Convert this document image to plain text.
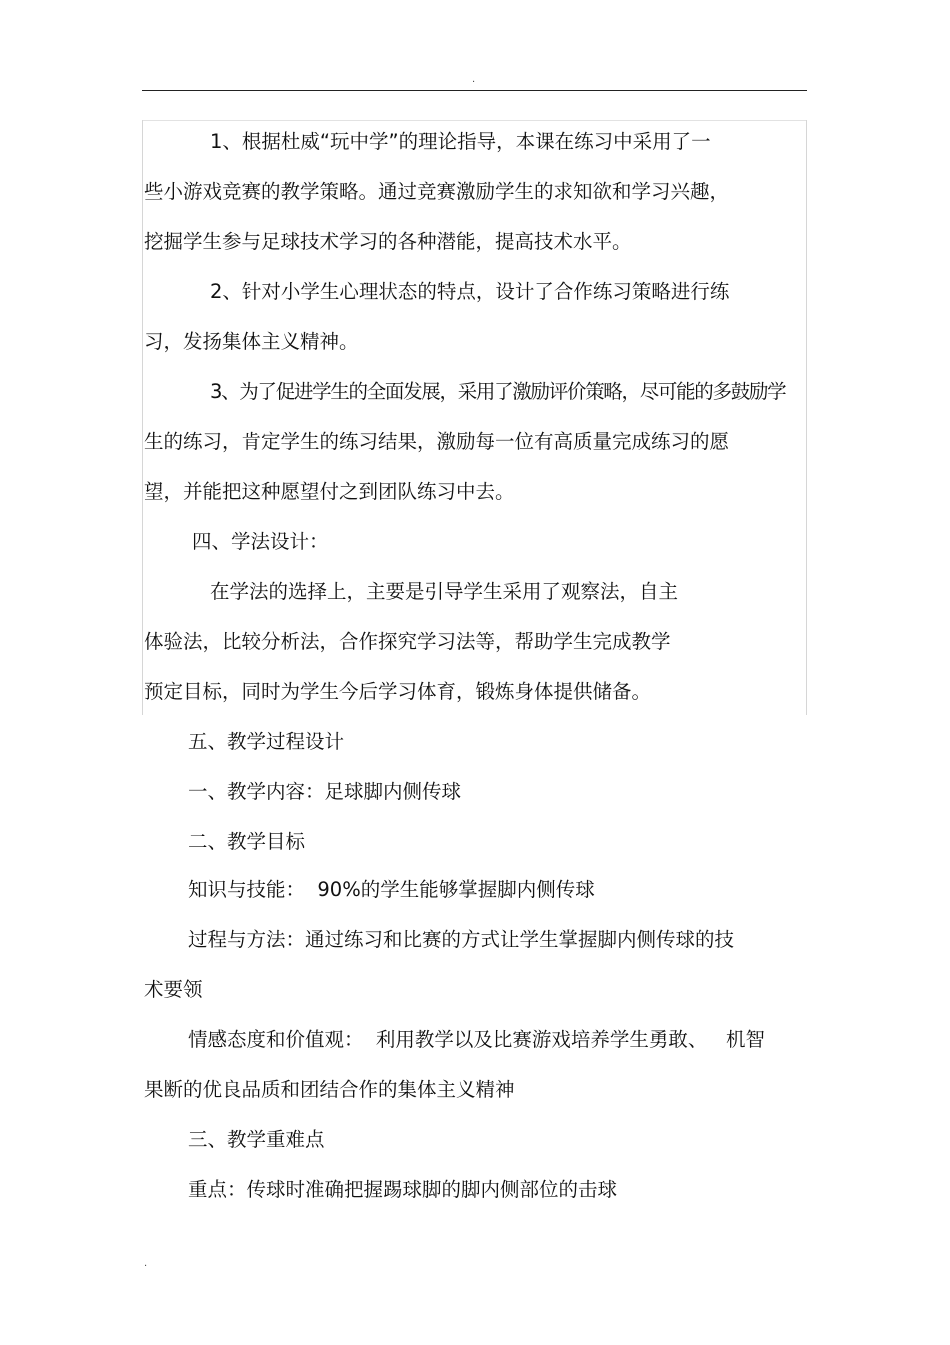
.
1、根据杜威“玩中学”的理论指导，本课在练习中采用了一
些小游戏竞赛的教学策略。通过竞赛激励学生的求知欲和学习兴趣，
挖掘学生参与足球技术学习的各种潜能，提高技术水平。
2、针对小学生心理状态的特点，设计了合作练习策略进行练
习，发扬集体主义精神。
3、为了促进学生的全面发展，采用了激励评价策略，尽可能的多鼓励学
生的练习，肯定学生的练习结果，激励每一位有高质量完成练习的愿
望，并能把这种愿望付之到团队练习中去。
四、学法设计：
在学法的选择上，主要是引导学生采用了观察法，自主
体验法，比较分析法，合作探究学习法等，帮助学生完成教学
预定目标，同时为学生今后学习体育，锻炼身体提供储备。
五、教学过程设计
一、教学内容：足球脚内侧传球
二、教学目标
知识与技能：  90%的学生能够掌握脚内侧传球
过程与方法：通过练习和比赛的方式让学生掌握脚内侧传球的技
术要领
情感态度和价值观：  利用教学以及比赛游戏培养学生勇敢、   机智
果断的优良品质和团结合作的集体主义精神
三、教学重难点
重点：传球时准确把握踢球脚的脚内侧部位的击球
.
